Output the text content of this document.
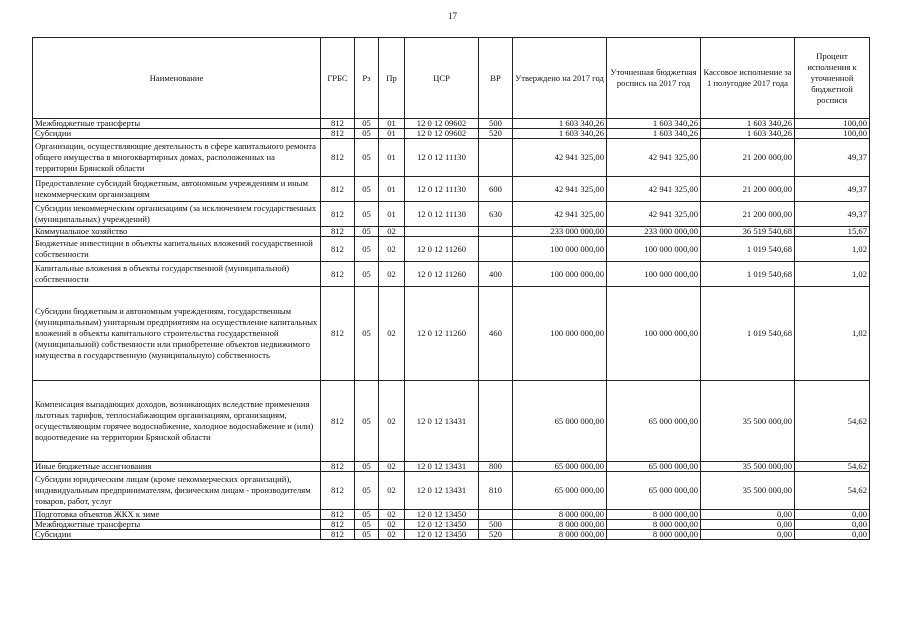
17
Наименование	ГРБС	Рз	Пр	ЦСР	ВР	Утверждено на 2017 год	Уточненная бюджетная роспись на 2017 год	Кассовое исполнение за 1 полугодие 2017 года	Процент исполнения к уточненной бюджетной росписи
Межбюджетные трансферты	812	05	01	12 0 12 09602	500	1 603 340,26	1 603 340,26	1 603 340,26	100,00
Субсидии	812	05	01	12 0 12 09602	520	1 603 340,26	1 603 340,26	1 603 340,26	100,00
Организации, осуществляющие деятельность в сфере капитального ремонта общего имущества в многоквартирных домах, расположенных на территории Брянской области	812	05	01	12 0 12 11130		42 941 325,00	42 941 325,00	21 200 000,00	49,37
Предоставление субсидий бюджетным, автономным учреждениям и иным некоммерческим организациям	812	05	01	12 0 12 11130	600	42 941 325,00	42 941 325,00	21 200 000,00	49,37
Субсидии некоммерческим организациям (за исключением государственных (муниципальных) учреждений)	812	05	01	12 0 12 11130	630	42 941 325,00	42 941 325,00	21 200 000,00	49,37
Коммунальное хозяйство	812	05	02			233 000 000,00	233 000 000,00	36 519 540,68	15,67
Бюджетные инвестиции в объекты капитальных вложений государственной собственности	812	05	02	12 0 12 11260		100 000 000,00	100 000 000,00	1 019 540,68	1,02
Капитальные вложения в объекты государственной (муниципальной) собственности	812	05	02	12 0 12 11260	400	100 000 000,00	100 000 000,00	1 019 540,68	1,02
Субсидии бюджетным и автономным учреждениям, государственным (муниципальным) унитарным предприятиям на осуществление капитальных вложений в объекты капитального строительства государственной (муниципальной) собственности или приобретение объектов недвижимого имущества в государственную (муниципальную) собственность	812	05	02	12 0 12 11260	460	100 000 000,00	100 000 000,00	1 019 540,68	1,02
Компенсация выпадающих доходов, возникающих вследствие применения льготных тарифов, теплоснабжающим организациям, организациям, осуществляющим горячее водоснабжение, холодное водоснабжение и (или) водоотведение на территории Брянской области	812	05	02	12 0 12 13431		65 000 000,00	65 000 000,00	35 500 000,00	54,62
Иные бюджетные ассигнования	812	05	02	12 0 12 13431	800	65 000 000,00	65 000 000,00	35 500 000,00	54,62
Субсидии юридическим лицам (кроме некоммерческих организаций), индивидуальным предпринимателям, физическим лицам - производителям товаров, работ, услуг	812	05	02	12 0 12 13431	810	65 000 000,00	65 000 000,00	35 500 000,00	54,62
Подготовка объектов ЖКХ к зиме	812	05	02	12 0 12 13450		8 000 000,00	8 000 000,00	0,00	0,00
Межбюджетные трансферты	812	05	02	12 0 12 13450	500	8 000 000,00	8 000 000,00	0,00	0,00
Субсидии	812	05	02	12 0 12 13450	520	8 000 000,00	8 000 000,00	0,00	0,00
